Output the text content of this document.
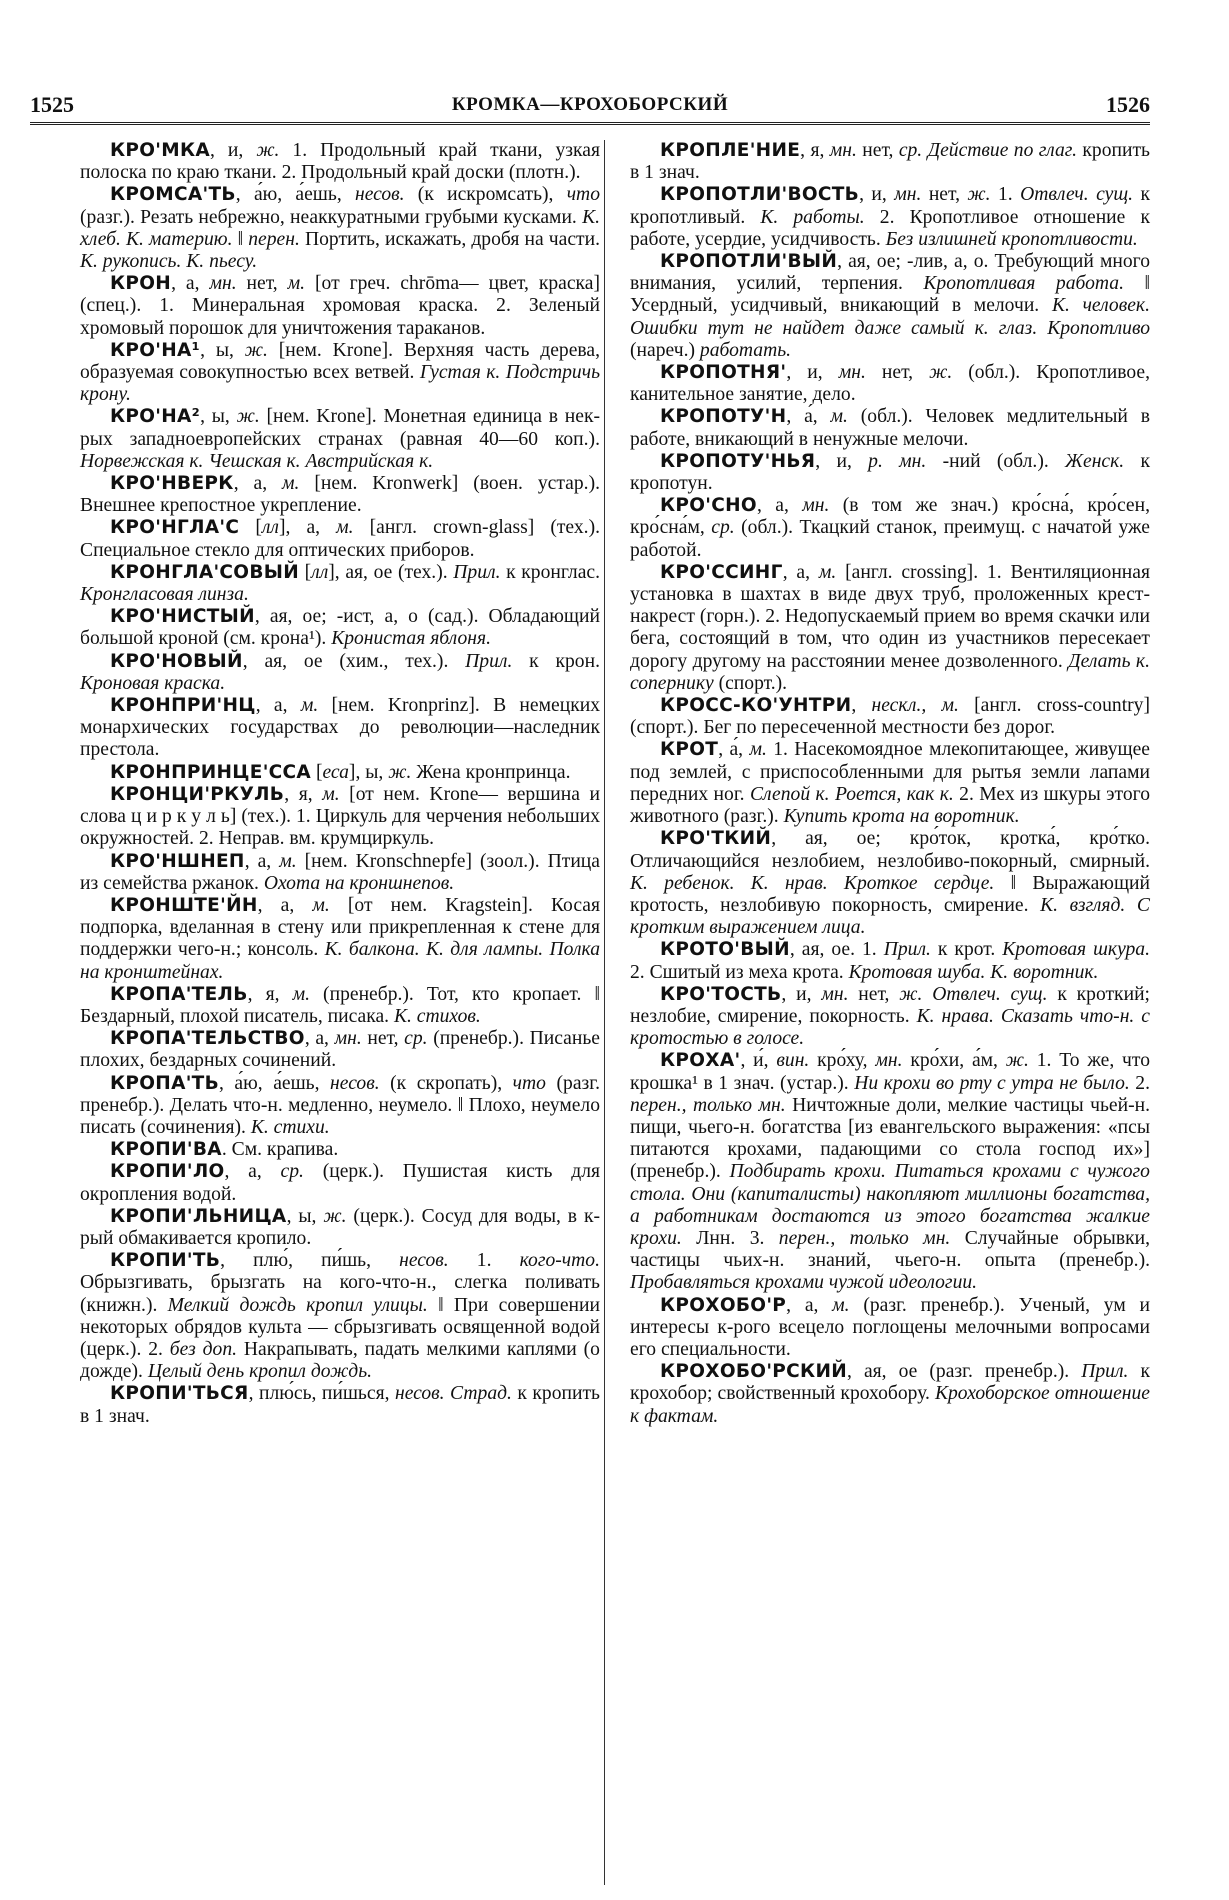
1525	КРОМКА—КРОХОБОРСКИЙ	1526
КРО'МКА, и, ж. 1. Продольный край ткани, узкая полоска по краю ткани. 2. Продольный край доски (плотн.).
КРОМСА'ТЬ, а́ю, а́ешь, несов. (к искромсать), что (разг.). Резать небрежно, неаккуратными грубыми кусками. К. хлеб. К. материю. ‖ перен. Портить, искажать, дробя на части. К. рукопись. К. пьесу.
КРОН, а, мн. нет, м. [от греч. chrōma— цвет, краска] (спец.). 1. Минеральная хромовая краска. 2. Зеленый хромовый порошок для уничтожения тараканов.
КРО'НА¹, ы, ж. [нем. Krone]. Верхняя часть дерева, образуемая совокупностью всех ветвей. Густая к. Подстричь крону.
КРО'НА², ы, ж. [нем. Krone]. Монетная единица в нек-рых западноевропейских странах (равная 40—60 коп.). Норвежская к. Чешская к. Австрийская к.
КРО'НВЕРК, а, м. [нем. Kronwerk] (воен. устар.). Внешнее крепостное укрепление.
КРО'НГЛА'С [лл], а, м. [англ. crown-glass] (тех.). Специальное стекло для оптических приборов.
КРОНГЛА'СОВЫЙ [лл], ая, ое (тех.). Прил. к кронглас. Кронгласовая линза.
КРО'НИСТЫЙ, ая, ое; -ист, а, о (сад.). Обладающий большой кроной (см. крона¹). Кронистая яблоня.
КРО'НОВЫЙ, ая, ое (хим., тех.). Прил. к крон. Кроновая краска.
КРОНПРИ'НЦ, а, м. [нем. Kronprinz]. В немецких монархических государствах до революции—наследник престола.
КРОНПРИНЦЕ'ССА [еса], ы, ж. Жена кронпринца.
КРОНЦИ'РКУЛЬ, я, м. [от нем. Krone— вершина и слова ц и р к у л ь] (тех.). 1. Циркуль для черчения небольших окружностей. 2. Неправ. вм. крумциркуль.
КРО'НШНЕП, а, м. [нем. Kronschnepfe] (зоол.). Птица из семейства ржанок. Охота на кроншнепов.
КРОНШТЕ'ЙН, а, м. [от нем. Kragstein]. Косая подпорка, вделанная в стену или прикрепленная к стене для поддержки чего-н.; консоль. К. балкона. К. для лампы. Полка на кронштейнах.
КРОПА'ТЕЛЬ, я, м. (пренебр.). Тот, кто кропает. ‖ Бездарный, плохой писатель, писака. К. стихов.
КРОПА'ТЕЛЬСТВО, а, мн. нет, ср. (пренебр.). Писанье плохих, бездарных сочинений.
КРОПА'ТЬ, а́ю, а́ешь, несов. (к скропать), что (разг. пренебр.). Делать что-н. медленно, неумело. ‖ Плохо, неумело писать (сочинения). К. стихи.
КРОПИ'ВА. См. крапива.
КРОПИ'ЛО, а, ср. (церк.). Пушистая кисть для окропления водой.
КРОПИ'ЛЬНИЦА, ы, ж. (церк.). Сосуд для воды, в к-рый обмакивается кропило.
КРОПИ'ТЬ, плю́, пи́шь, несов. 1. кого-что. Обрызгивать, брызгать на кого-что-н., слегка поливать (книжн.). Мелкий дождь кропил улицы. ‖ При совершении некоторых обрядов культа — сбрызгивать освященной водой (церк.). 2. без доп. Накрапывать, падать мелкими каплями (о дожде). Целый день кропил дождь.
КРОПИ'ТЬСЯ, плю́сь, пи́шься, несов. Страд. к кропить в 1 знач.
КРОПЛЕ'НИЕ, я, мн. нет, ср. Действие по глаг. кропить в 1 знач.
КРОПОТЛИ'ВОСТЬ, и, мн. нет, ж. 1. Отвлеч. сущ. к кропотливый. К. работы. 2. Кропотливое отношение к работе, усердие, усидчивость. Без излишней кропотливости.
КРОПОТЛИ'ВЫЙ, ая, ое; -лив, а, о. Требующий много внимания, усилий, терпения. Кропотливая работа. ‖ Усердный, усидчивый, вникающий в мелочи. К. человек. Ошибки тут не найдет даже самый к. глаз. Кропотливо (нареч.) работать.
КРОПОТНЯ', и, мн. нет, ж. (обл.). Кропотливое, канительное занятие, дело.
КРОПОТУ'Н, а́, м. (обл.). Человек медлительный в работе, вникающий в ненужные мелочи.
КРОПОТУ'НЬЯ, и, р. мн. -ний (обл.). Женск. к кропотун.
КРО'СНО, а, мн. (в том же знач.) кро́сна́, кро́сен, кро́сна́м, ср. (обл.). Ткацкий станок, преимущ. с начатой уже работой.
КРО'ССИНГ, а, м. [англ. crossing]. 1. Вентиляционная установка в шахтах в виде двух труб, проложенных крест-накрест (горн.). 2. Недопускаемый прием во время скачки или бега, состоящий в том, что один из участников пересекает дорогу другому на расстоянии менее дозволенного. Делать к. сопернику (спорт.).
КРОСС-КО'УНТРИ, нескл., м. [англ. cross-country] (спорт.). Бег по пересеченной местности без дорог.
КРОТ, а́, м. 1. Насекомоядное млекопитающее, живущее под землей, с приспособленными для рытья земли лапами передних ног. Слепой к. Роется, как к. 2. Мех из шкуры этого животного (разг.). Купить крота на воротник.
КРО'ТКИЙ, ая, ое; кро́ток, кротка́, кро́тко. Отличающийся незлобием, незлобиво-покорный, смирный. К. ребенок. К. нрав. Кроткое сердце. ‖ Выражающий кротость, незлобивую покорность, смирение. К. взгляд. С кротким выражением лица.
КРОТО'ВЫЙ, ая, ое. 1. Прил. к крот. Кротовая шкура. 2. Сшитый из меха крота. Кротовая шуба. К. воротник.
КРО'ТОСТЬ, и, мн. нет, ж. Отвлеч. сущ. к кроткий; незлобие, смирение, покорность. К. нрава. Сказать что-н. с кротостью в голосе.
КРОХА', и́, вин. кро́ху, мн. кро́хи, а́м, ж. 1. То же, что крошка¹ в 1 знач. (устар.). Ни крохи во рту с утра не было. 2. перен., только мн. Ничтожные доли, мелкие частицы чьей-н. пищи, чьего-н. богатства [из евангельского выражения: «псы питаются крохами, падающими со стола господ их»] (пренебр.). Подбирать крохи. Питаться крохами с чужого стола. Они (капиталисты) накопляют миллионы богатства, а работникам достаются из этого богатства жалкие крохи. Лнн. 3. перен., только мн. Случайные обрывки, частицы чьих-н. знаний, чьего-н. опыта (пренебр.). Пробавляться крохами чужой идеологии.
КРОХОБО'Р, а, м. (разг. пренебр.). Ученый, ум и интересы к-рого всецело поглощены мелочными вопросами его специальности.
КРОХОБО'РСКИЙ, ая, ое (разг. пренебр.). Прил. к крохобор; свойственный крохобору. Крохоборское отношение к фактам.
